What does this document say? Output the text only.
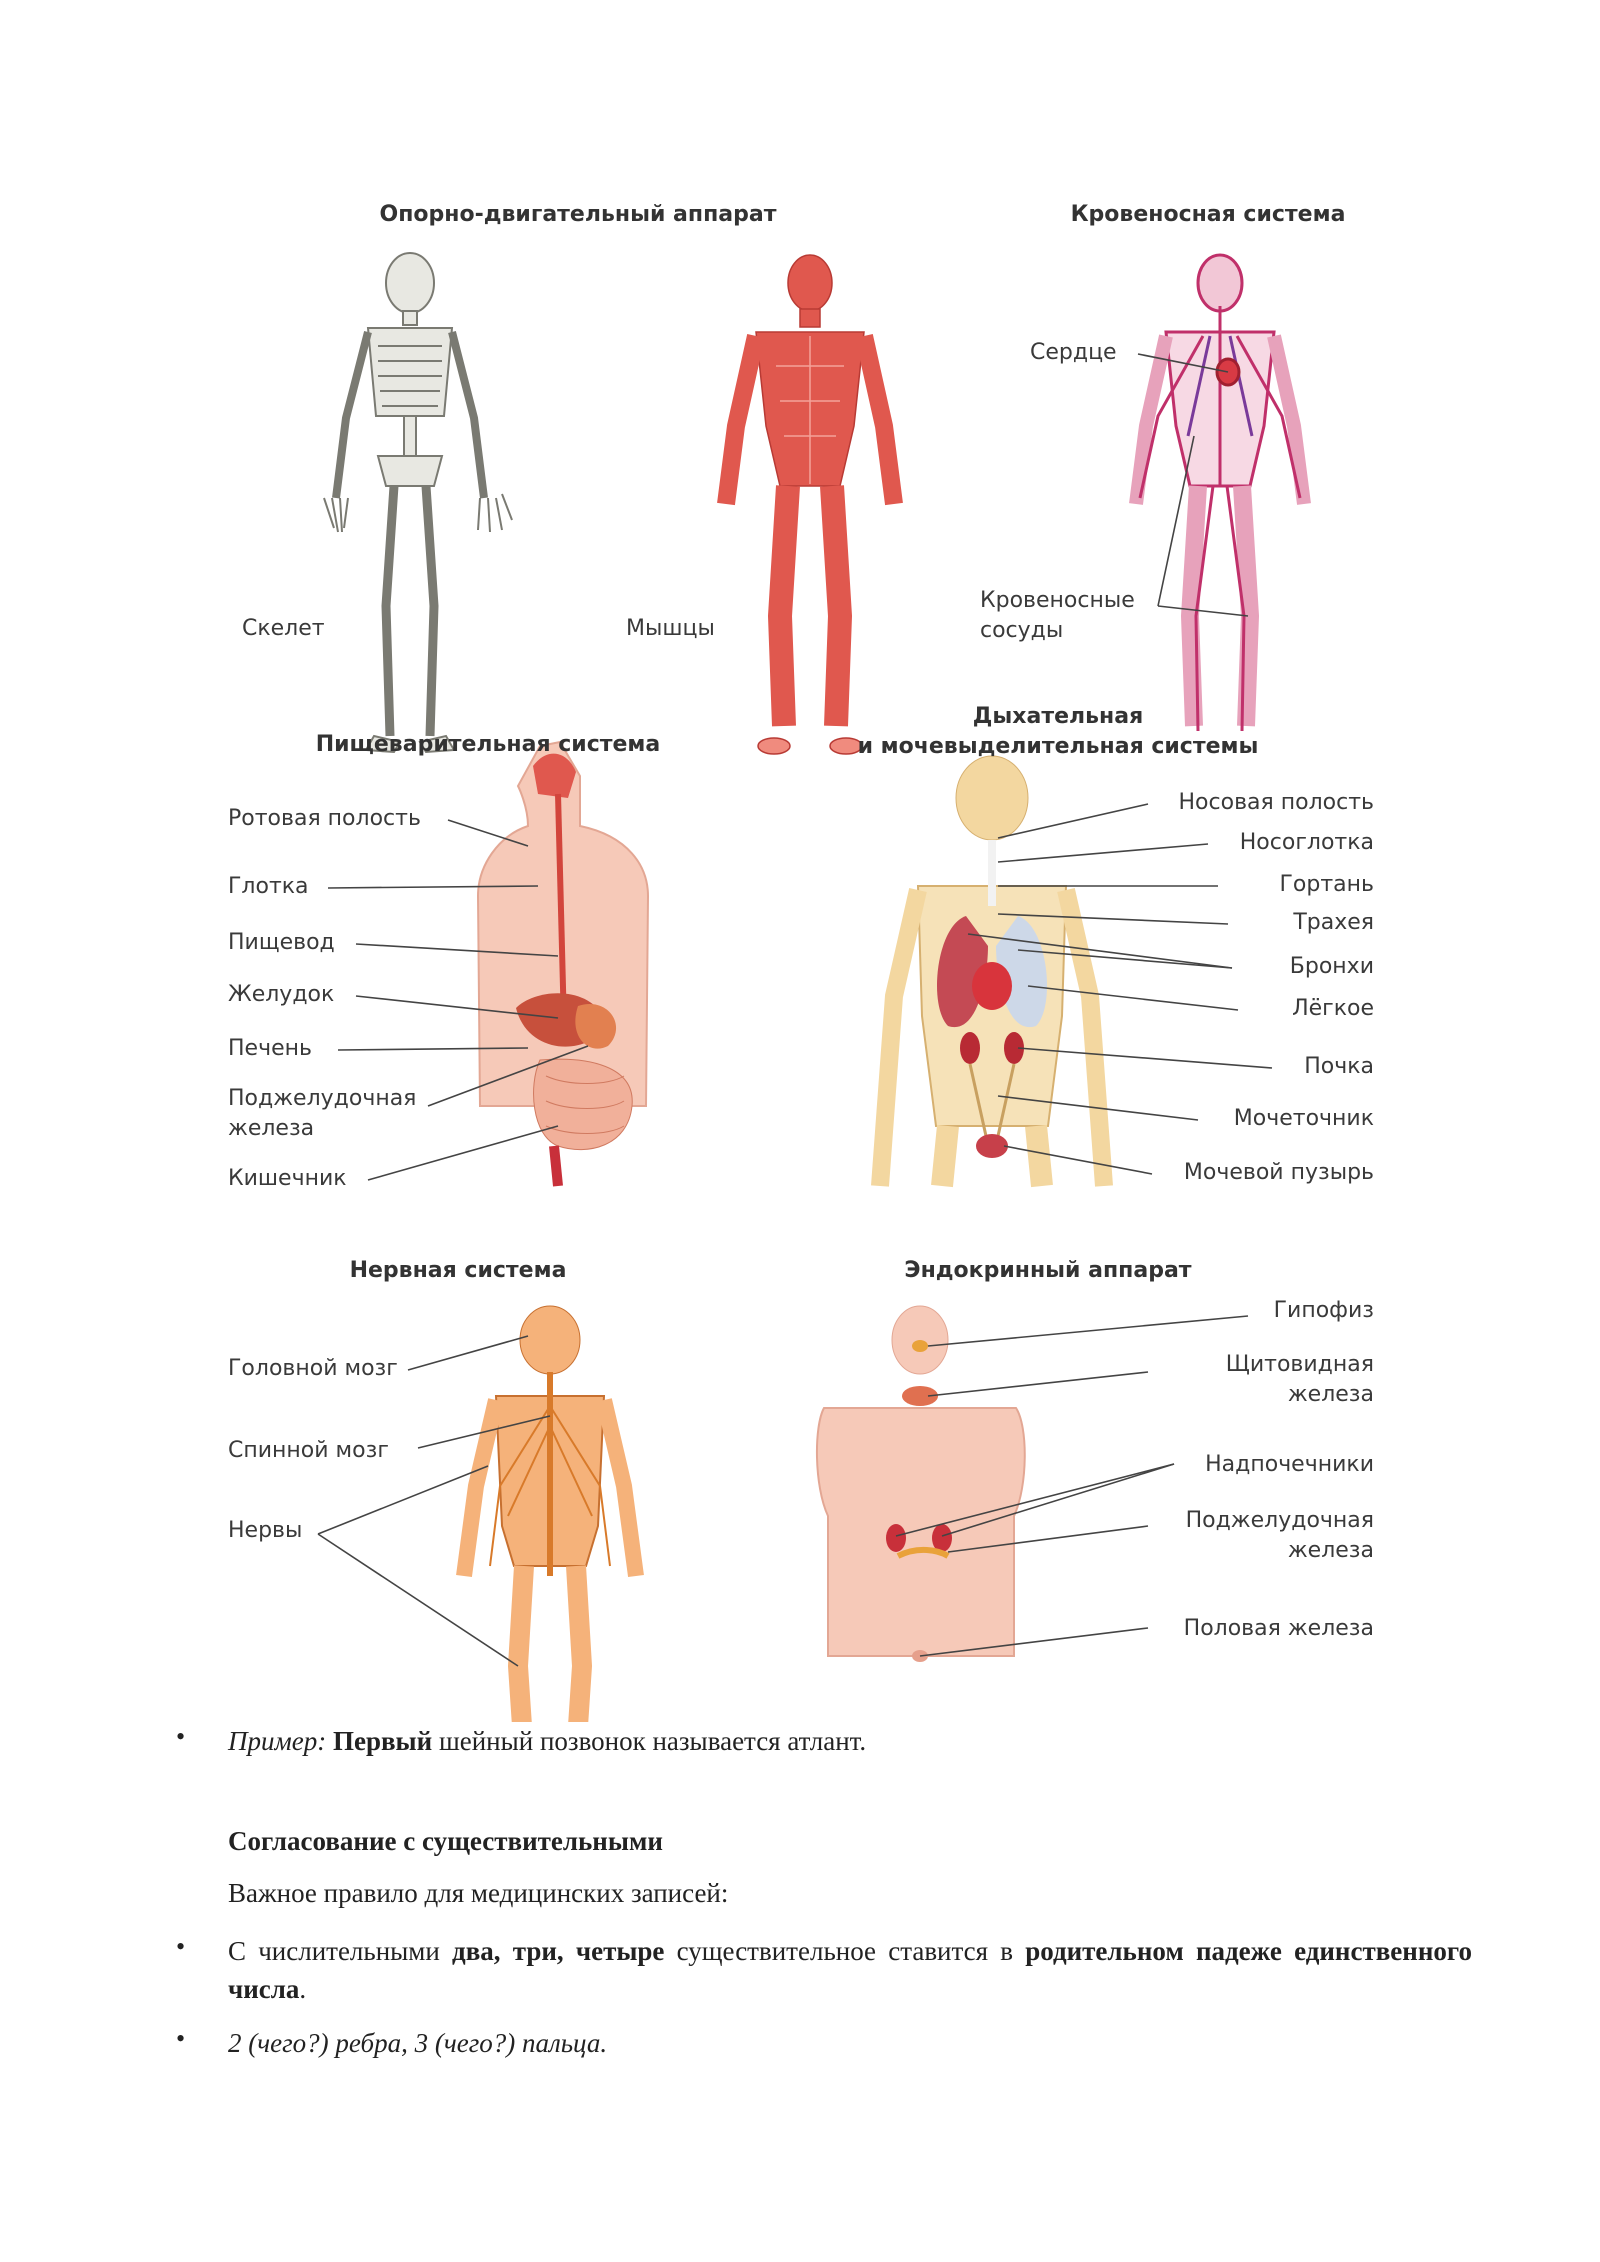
Опорно-двигательный аппарат	Кровеносная система
Пищеварительная система
Дыхательная
и мочевыделительная системы
Нервная система	Эндокринный аппарат
Скелет	Мышцы
Сердце
Кровеносные
сосуды
Ротовая полость
Глотка
Пищевод
Желудок
Печень
Поджелудочная
железа
Кишечник
Носовая полость
Носоглотка
Гортань
Трахея
Бронхи
Лёгкое
Почка
Мочеточник
Мочевой пузырь
Головной мозг
Спинной мозг
Нервы
Гипофиз
Щитовидная
железа
Надпочечники
Поджелудочная
железа
Половая железа
• Пример: Первый шейный позвонок называется атлант.
Согласование с существительными
Важное правило для медицинских записей:
• С числительными два, три, четыре существительное ставится в родительном падеже единственного числа.
• 2 (чего?) ребра, 3 (чего?) пальца.
